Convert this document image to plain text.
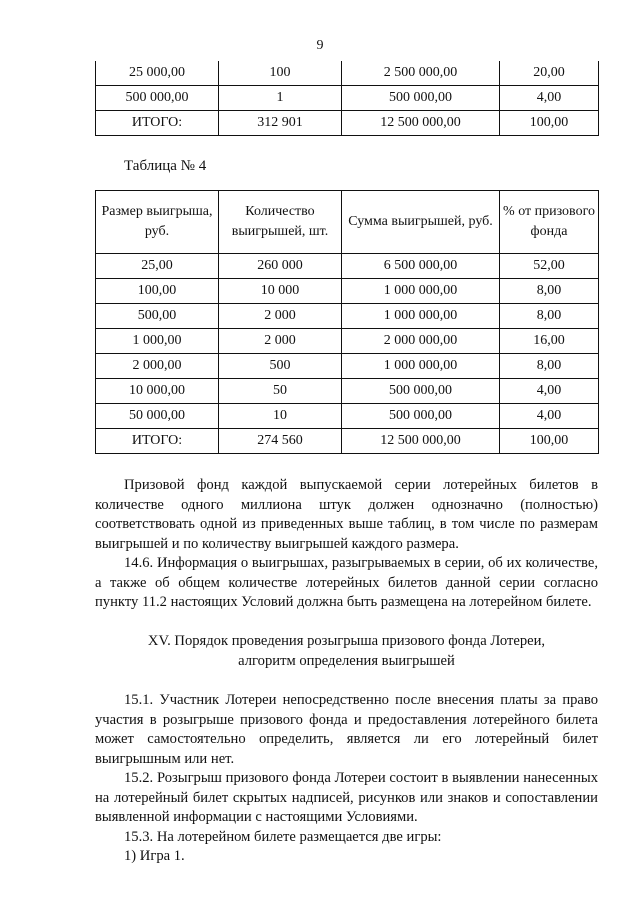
9
25 000,00	100	2 500 000,00	20,00
500 000,00	1	500 000,00	4,00
ИТОГО:	312 901	12 500 000,00	100,00
Таблица № 4
Размер выигрыша, руб.	Количество выигрышей, шт.	Сумма выигрышей, руб.	% от призового фонда
25,00	260 000	6 500 000,00	52,00
100,00	10 000	1 000 000,00	8,00
500,00	2 000	1 000 000,00	8,00
1 000,00	2 000	2 000 000,00	16,00
2 000,00	500	1 000 000,00	8,00
10 000,00	50	500 000,00	4,00
50 000,00	10	500 000,00	4,00
ИТОГО:	274 560	12 500 000,00	100,00

Призовой фонд каждой выпускаемой серии лотерейных билетов в количестве одного миллиона штук должен однозначно (полностью) соответствовать одной из приведенных выше таблиц, в том числе по размерам выигрышей и по количеству выигрышей каждого размера.

14.6. Информация о выигрышах, разыгрываемых в серии, об их количестве, а также об общем количестве лотерейных билетов данной серии согласно пункту 11.2 настоящих Условий должна быть размещена на лотерейном билете.

XV. Порядок проведения розыгрыша призового фонда Лотереи,

алгоритм определения выигрышей

15.1. Участник Лотереи непосредственно после внесения платы за право участия в розыгрыше призового фонда и предоставления лотерейного билета может самостоятельно определить, является ли его лотерейный билет выигрышным или нет.

15.2. Розыгрыш призового фонда Лотереи состоит в выявлении нанесенных на лотерейный билет скрытых надписей, рисунков или знаков и сопоставлении выявленной информации с настоящими Условиями.

15.3. На лотерейном билете размещается две игры:

1) Игра 1.
